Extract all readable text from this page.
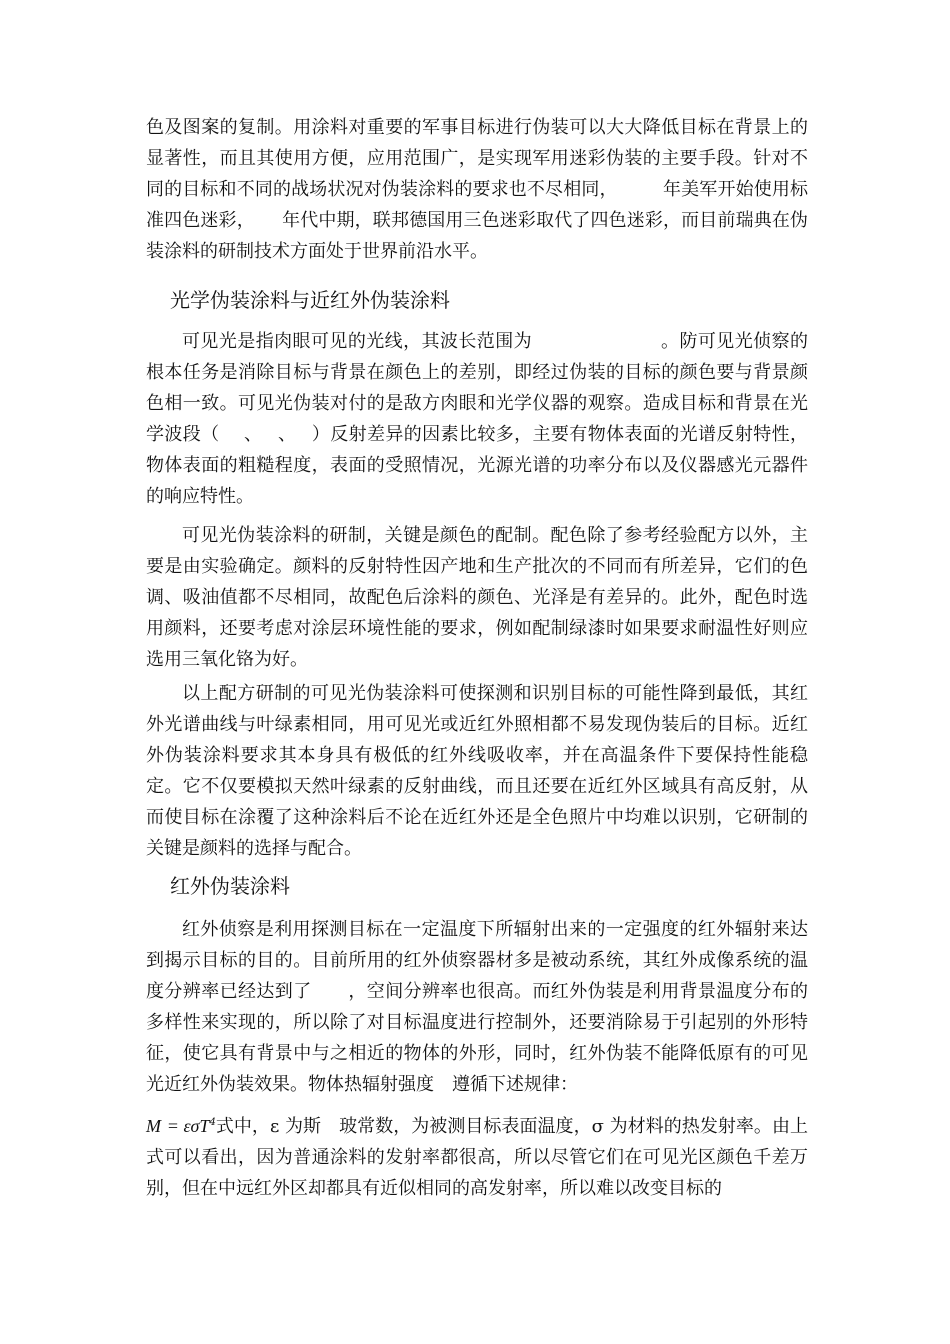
色及图案的复制。用涂料对重要的军事目标进行伪装可以大大降低目标在背景上的显著性，而且其使用方便，应用范围广，是实现军用迷彩伪装的主要手段。针对不同的目标和不同的战场状况对伪装涂料的要求也不尽相同，　　　年美军开始使用标准四色迷彩，　　年代中期，联邦德国用三色迷彩取代了四色迷彩，而目前瑞典在伪装涂料的研制技术方面处于世界前沿水平。

光学伪装涂料与近红外伪装涂料

可见光是指肉眼可见的光线，其波长范围为　　　　　　　。防可见光侦察的根本任务是消除目标与背景在颜色上的差别，即经过伪装的目标的颜色要与背景颜色相一致。可见光伪装对付的是敌方肉眼和光学仪器的观察。造成目标和背景在光学波段（　 、　 、　 ）反射差异的因素比较多，主要有物体表面的光谱反射特性，物体表面的粗糙程度，表面的受照情况，光源光谱的功率分布以及仪器感光元器件的响应特性。

可见光伪装涂料的研制，关键是颜色的配制。配色除了参考经验配方以外，主要是由实验确定。颜料的反射特性因产地和生产批次的不同而有所差异，它们的色调、吸油值都不尽相同，故配色后涂料的颜色、光泽是有差异的。此外，配色时选用颜料，还要考虑对涂层环境性能的要求，例如配制绿漆时如果要求耐温性好则应选用三氧化铬为好。

以上配方研制的可见光伪装涂料可使探测和识别目标的可能性降到最低，其红外光谱曲线与叶绿素相同，用可见光或近红外照相都不易发现伪装后的目标。近红外伪装涂料要求其本身具有极低的红外线吸收率，并在高温条件下要保持性能稳定。它不仅要模拟天然叶绿素的反射曲线，而且还要在近红外区域具有高反射，从而使目标在涂覆了这种涂料后不论在近红外还是全色照片中均难以识别，它研制的关键是颜料的选择与配合。

红外伪装涂料

红外侦察是利用探测目标在一定温度下所辐射出来的一定强度的红外辐射来达到揭示目标的目的。目前所用的红外侦察器材多是被动系统，其红外成像系统的温度分辨率已经达到了　　，空间分辨率也很高。而红外伪装是利用背景温度分布的多样性来实现的，所以除了对目标温度进行控制外，还要消除易于引起别的外形特征，使它具有背景中与之相近的物体的外形，同时，红外伪装不能降低原有的可见光近红外伪装效果。物体热辐射强度　遵循下述规律：

M = εσT$^4$式中，ε 为斯　玻常数，为被测目标表面温度，σ 为材料的热发射率。由上式可以看出，因为普通涂料的发射率都很高，所以尽管它们在可见光区颜色千差万别，但在中远红外区却都具有近似相同的高发射率，所以难以改变目标的
